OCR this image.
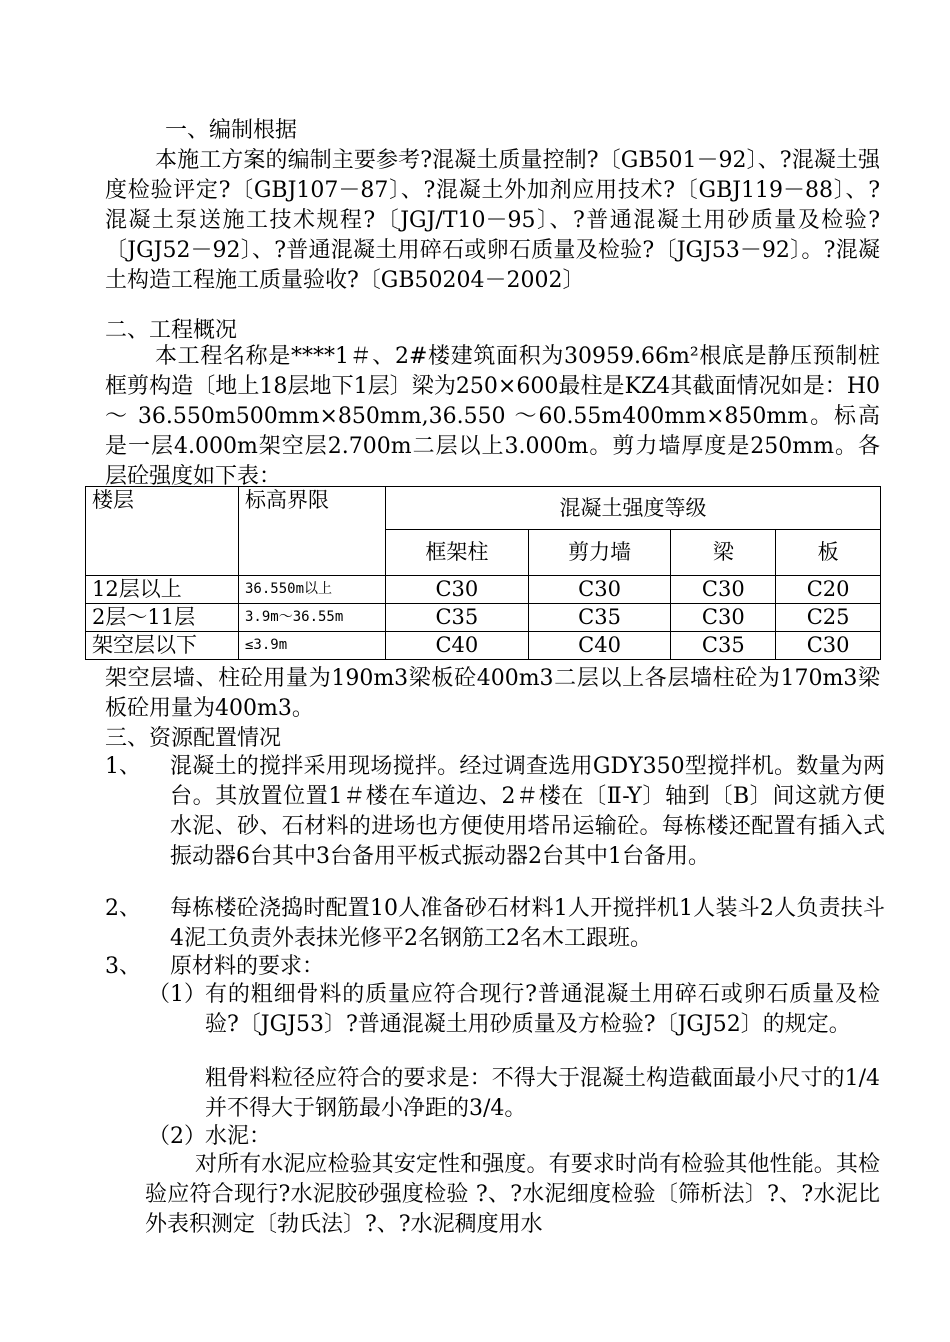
一、编制根据

本施工方案的编制主要参考?混凝土质量控制?〔GB501－92〕、?混凝土强度检验评定?〔GBJ107－87〕、?混凝土外加剂应用技术?〔GBJ119－88〕、?混凝土泵送施工技术规程?〔JGJ/T10－95〕、?普通混凝土用砂质量及检验?〔JGJ52－92〕、?普通混凝土用碎石或卵石质量及检验?〔JGJ53－92〕。?混凝土构造工程施工质量验收?〔GB50204－2002〕

二、工程概况

本工程名称是****1＃、2#楼建筑面积为30959.66m²根底是静压预制桩框剪构造〔地上18层地下1层〕梁为250×600最柱是KZ4其截面情况如是：H0 ～ 36.550m500mm×850mm,36.550 ～60.55m400mm×850mm。标高是一层4.000m架空层2.700m二层以上3.000m。剪力墙厚度是250mm。各层砼强度如下表：

楼层	标高界限	混凝土强度等级			
		框架柱	剪力墙	梁	板
12层以上	36.550m以上	C30	C30	C30	C20
2层～11层	3.9m～36.55m	C35	C35	C30	C25
架空层以下	≤3.9m	C40	C40	C35	C30

架空层墙、柱砼用量为190m3梁板砼400m3二层以上各层墙柱砼为170m3梁板砼用量为400m3。

三、资源配置情况

1、 混凝土的搅拌采用现场搅拌。经过调查选用GDY350型搅拌机。数量为两台。其放置位置1＃楼在车道边、2＃楼在〔Ⅱ-Y〕轴到〔B〕间这就方便水泥、砂、石材料的进场也方便使用塔吊运输砼。每栋楼还配置有插入式振动器6台其中3台备用平板式振动器2台其中1台备用。
2、 每栋楼砼浇捣时配置10人准备砂石材料1人开搅拌机1人装斗2人负责扶斗4泥工负责外表抹光修平2名钢筋工2名木工跟班。
3、 原材料的要求：
（1） 有的粗细骨料的质量应符合现行?普通混凝土用碎石或卵石质量及检验?〔JGJ53〕?普通混凝土用砂质量及方检验?〔JGJ52〕的规定。

粗骨料粒径应符合的要求是：不得大于混凝土构造截面最小尺寸的1/4并不得大于钢筋最小净距的3/4。

（2） 水泥：

对所有水泥应检验其安定性和强度。有要求时尚有检验其他性能。其检验应符合现行?水泥胶砂强度检验 ?、?水泥细度检验〔筛析法〕?、?水泥比外表积测定〔勃氏法〕?、?水泥稠度用水
